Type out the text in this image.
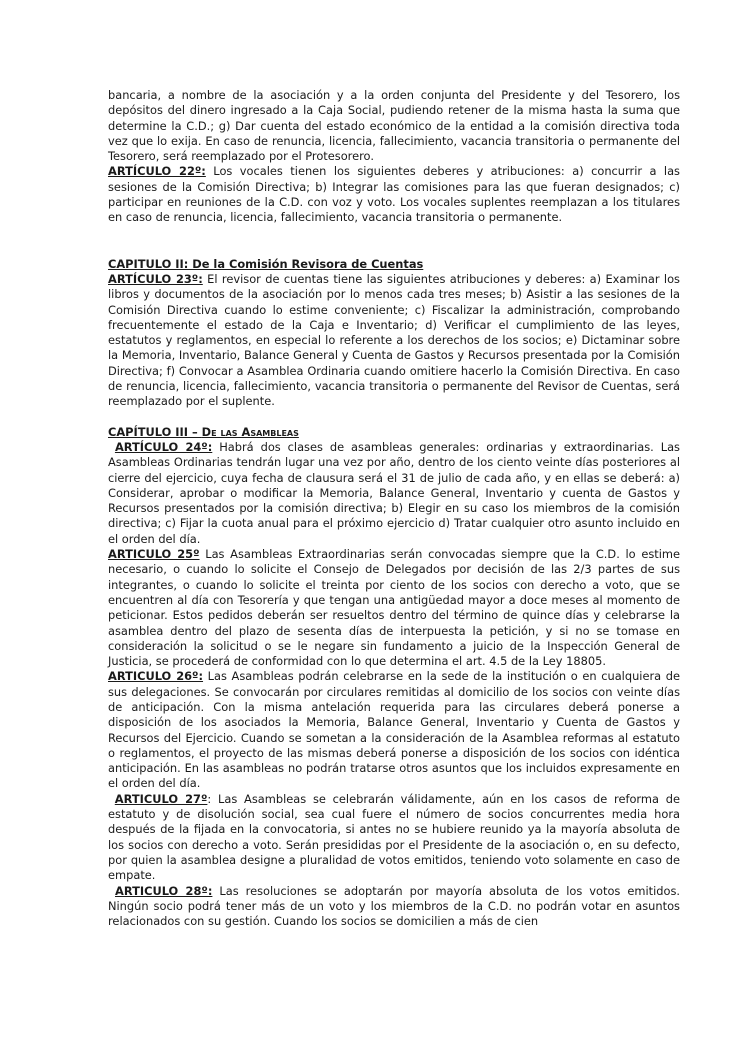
bancaria, a nombre de la asociación y a la orden conjunta del Presidente y del Tesorero, los depósitos del dinero ingresado a la Caja Social, pudiendo retener de la misma hasta la suma que determine la C.D.; g) Dar cuenta del estado económico de la entidad a la comisión directiva toda vez que lo exija. En caso de renuncia, licencia, fallecimiento, vacancia transitoria o permanente del Tesorero, será reemplazado por el Protesorero.

ARTÍCULO 22º: Los vocales tienen los siguientes deberes y atribuciones: a) concurrir a las sesiones de la Comisión Directiva; b) Integrar las comisiones para las que fueran designados; c) participar en reuniones de la C.D. con voz y voto. Los vocales suplentes reemplazan a los titulares en caso de renuncia, licencia, fallecimiento, vacancia transitoria o permanente.

CAPITULO II: De la Comisión Revisora de Cuentas

ARTÍCULO 23º: El revisor de cuentas tiene las siguientes atribuciones y deberes: a) Examinar los libros y documentos de la asociación por lo menos cada tres meses; b) Asistir a las sesiones de la Comisión Directiva cuando lo estime conveniente; c) Fiscalizar la administración, comprobando frecuentemente el estado de la Caja e Inventario; d) Verificar el cumplimiento de las leyes, estatutos y reglamentos, en especial lo referente a los derechos de los socios; e) Dictaminar sobre la Memoria, Inventario, Balance General y Cuenta de Gastos y Recursos presentada por la Comisión Directiva; f) Convocar a Asamblea Ordinaria cuando omitiere hacerlo la Comisión Directiva. En caso de renuncia, licencia, fallecimiento, vacancia transitoria o permanente del Revisor de Cuentas, será reemplazado por el suplente.

CAPÍTULO III – De las Asambleas

ARTÍCULO 24º: Habrá dos clases de asambleas generales: ordinarias y extraordinarias. Las Asambleas Ordinarias tendrán lugar una vez por año, dentro de los ciento veinte días posteriores al cierre del ejercicio, cuya fecha de clausura será el 31 de julio de cada año, y en ellas se deberá: a) Considerar, aprobar o modificar la Memoria, Balance General, Inventario y cuenta de Gastos y Recursos presentados por la comisión directiva; b) Elegir en su caso los miembros de la comisión directiva; c) Fijar la cuota anual para el próximo ejercicio d) Tratar cualquier otro asunto incluido en el orden del día.

ARTICULO 25º Las Asambleas Extraordinarias serán convocadas siempre que la C.D. lo estime necesario, o cuando lo solicite el Consejo de Delegados por decisión de las 2/3 partes de sus integrantes, o cuando lo solicite el treinta por ciento de los socios con derecho a voto, que se encuentren al día con Tesorería y que tengan una antigüedad mayor a doce meses al momento de peticionar. Estos pedidos deberán ser resueltos dentro del término de quince días y celebrarse la asamblea dentro del plazo de sesenta días de interpuesta la petición, y si no se tomase en consideración la solicitud o se le negare sin fundamento a juicio de la Inspección General de Justicia, se procederá de conformidad con lo que determina el art. 4.5 de la Ley 18805.

ARTICULO 26º: Las Asambleas podrán celebrarse en la sede de la institución o en cualquiera de sus delegaciones. Se convocarán por circulares remitidas al domicilio de los socios con veinte días de anticipación. Con la misma antelación requerida para las circulares deberá ponerse a disposición de los asociados la Memoria, Balance General, Inventario y Cuenta de Gastos y Recursos del Ejercicio. Cuando se sometan a la consideración de la Asamblea reformas al estatuto o reglamentos, el proyecto de las mismas deberá ponerse a disposición de los socios con idéntica anticipación. En las asambleas no podrán tratarse otros asuntos que los incluidos expresamente en el orden del día.

ARTICULO 27º: Las Asambleas se celebrarán válidamente, aún en los casos de reforma de estatuto y de disolución social, sea cual fuere el número de socios concurrentes media hora después de la fijada en la convocatoria, si antes no se hubiere reunido ya la mayoría absoluta de los socios con derecho a voto. Serán presididas por el Presidente de la asociación o, en su defecto, por quien la asamblea designe a pluralidad de votos emitidos, teniendo voto solamente en caso de empate.

ARTICULO 28º: Las resoluciones se adoptarán por mayoría absoluta de los votos emitidos. Ningún socio podrá tener más de un voto y los miembros de la C.D. no podrán votar en asuntos relacionados con su gestión. Cuando los socios se domicilien a más de cien
